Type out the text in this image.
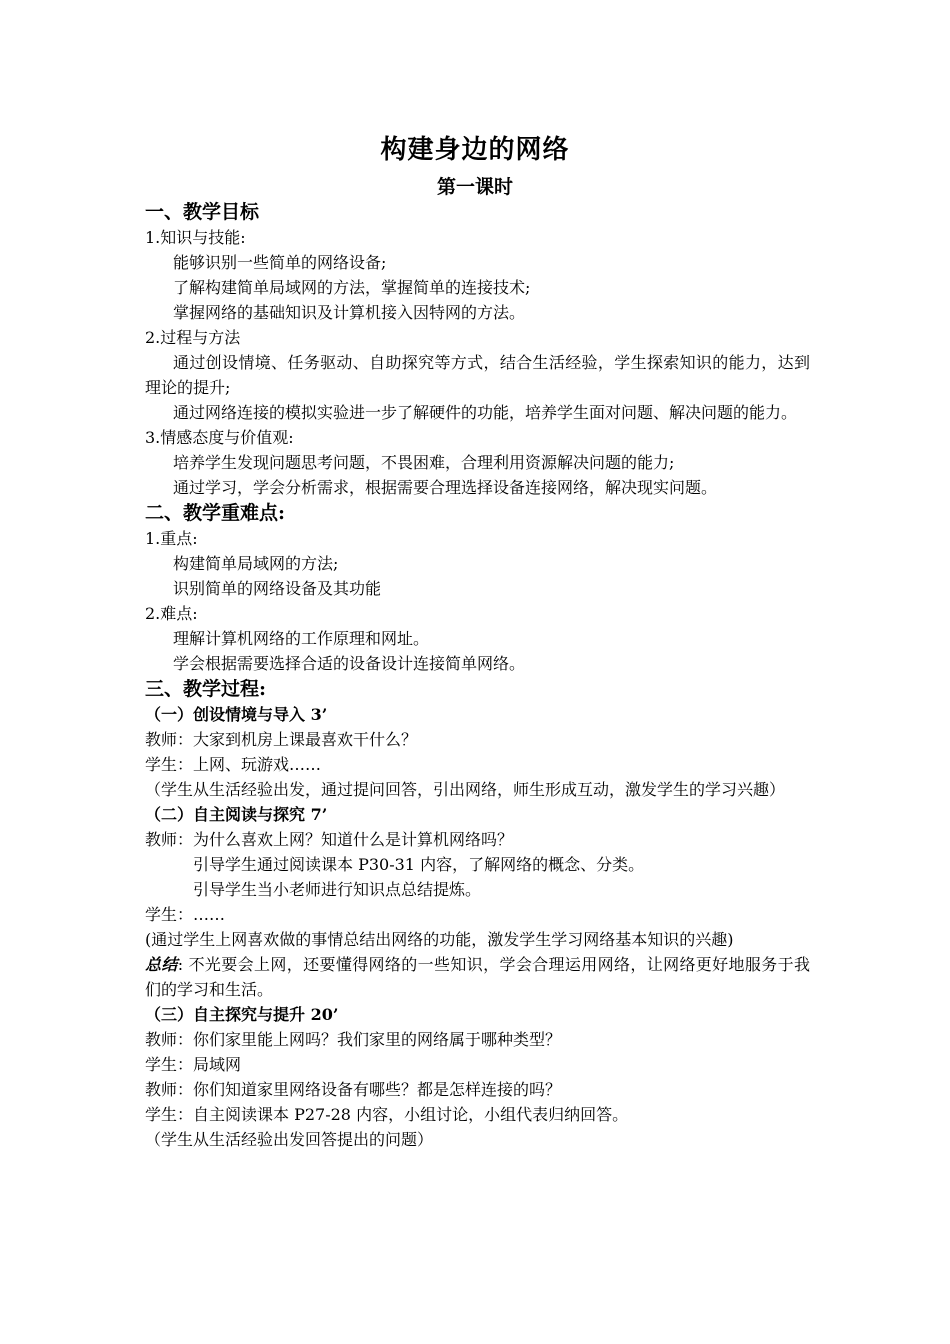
构建身边的网络
第一课时
一、教学目标
1.知识与技能:
能够识别一些简单的网络设备;
了解构建简单局域网的方法，掌握简单的连接技术;
掌握网络的基础知识及计算机接入因特网的方法。
2.过程与方法
通过创设情境、任务驱动、自助探究等方式，结合生活经验，学生探索知识的能力，达到理论的提升;
通过网络连接的模拟实验进一步了解硬件的功能，培养学生面对问题、解决问题的能力。
3.情感态度与价值观:
培养学生发现问题思考问题，不畏困难，合理利用资源解决问题的能力;
通过学习，学会分析需求，根据需要合理选择设备连接网络，解决现实问题。
二、教学重难点:
1.重点:
构建简单局域网的方法;
识别简单的网络设备及其功能
2.难点:
理解计算机网络的工作原理和网址。
学会根据需要选择合适的设备设计连接简单网络。
三、教学过程:
（一）创设情境与导入 3’
教师：大家到机房上课最喜欢干什么？
学生：上网、玩游戏……
（学生从生活经验出发，通过提问回答，引出网络，师生形成互动，激发学生的学习兴趣）
（二）自主阅读与探究 7’
教师：为什么喜欢上网？知道什么是计算机网络吗？
引导学生通过阅读课本 P30-31 内容，了解网络的概念、分类。
引导学生当小老师进行知识点总结提炼。
学生：……
(通过学生上网喜欢做的事情总结出网络的功能，激发学生学习网络基本知识的兴趣)
总结: 不光要会上网，还要懂得网络的一些知识，学会合理运用网络，让网络更好地服务于我们的学习和生活。
（三）自主探究与提升 20’
教师：你们家里能上网吗？我们家里的网络属于哪种类型？
学生：局域网
教师：你们知道家里网络设备有哪些？都是怎样连接的吗？
学生：自主阅读课本 P27-28 内容，小组讨论，小组代表归纳回答。
（学生从生活经验出发回答提出的问题）
